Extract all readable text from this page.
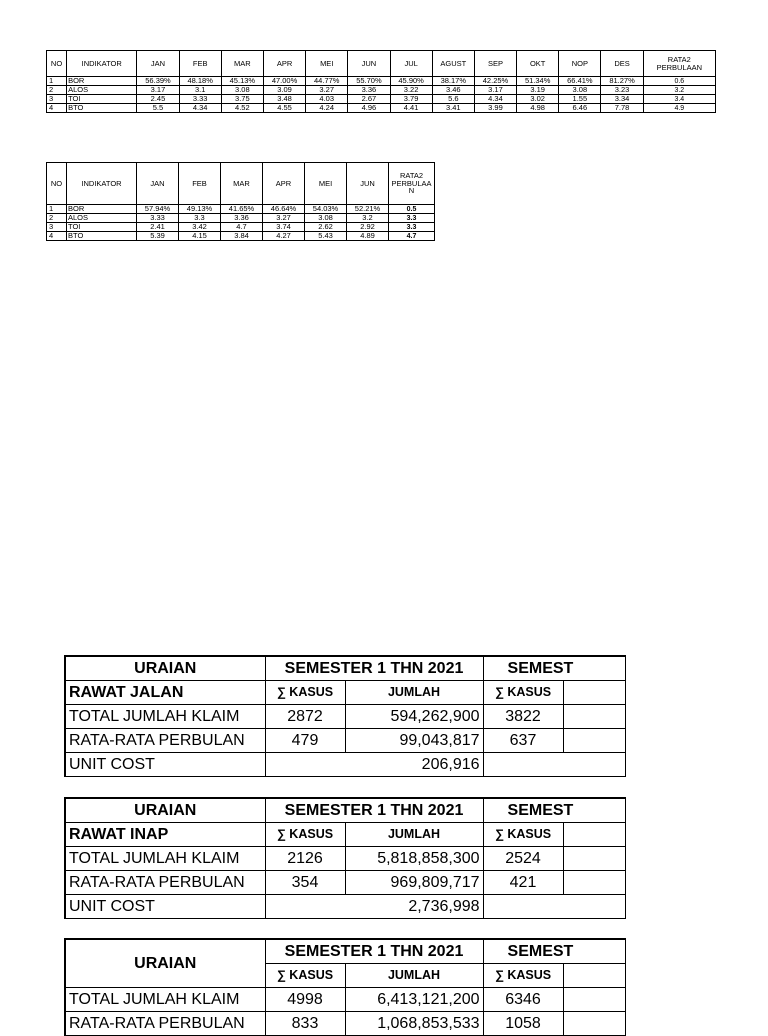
NO	INDIKATOR	JAN	FEB	MAR	APR	MEI	JUN	JUL	AGUST	SEP	OKT	NOP	DES	RATA2
PERBULAAN
1	BOR	56.39%	48.18%	45.13%	47.00%	44.77%	55.70%	45.90%	38.17%	42.25%	51.34%	66.41%	81.27%	0.6
2	ALOS	3.17	3.1	3.08	3.09	3.27	3.36	3.22	3.46	3.17	3.19	3.08	3.23	3.2
3	TOI	2.45	3.33	3.75	3.48	4.03	2.67	3.79	5.6	4.34	3.02	1.55	3.34	3.4
4	BTO	5.5	4.34	4.52	4.55	4.24	4.96	4.41	3.41	3.99	4.98	6.46	7.78	4.9
NO	INDIKATOR	JAN	FEB	MAR	APR	MEI	JUN	RATA2
PERBULAA
N
1	BOR	57.94%	49.13%	41.65%	46.64%	54.03%	52.21%	0.5
2	ALOS	3.33	3.3	3.36	3.27	3.08	3.2	3.3
3	TOI	2.41	3.42	4.7	3.74	2.62	2.92	3.3
4	BTO	5.39	4.15	3.84	4.27	5.43	4.89	4.7
URAIAN	SEMESTER 1 THN 2021		SEMEST	
RAWAT JALAN	∑ KASUS	JUMLAH	∑ KASUS	
TOTAL JUMLAH KLAIM	2872	594,262,900	3822	
RATA-RATA PERBULAN	479	99,043,817	637	
UNIT COST	206,916			
URAIAN	SEMESTER 1 THN 2021		SEMEST	
RAWAT INAP	∑ KASUS	JUMLAH	∑ KASUS	
TOTAL JUMLAH KLAIM	2126	5,818,858,300	2524	
RATA-RATA PERBULAN	354	969,809,717	421	
UNIT COST	2,736,998			
URAIAN	SEMESTER 1 THN 2021		SEMEST	
	∑ KASUS	JUMLAH	∑ KASUS	
TOTAL JUMLAH KLAIM	4998	6,413,121,200	6346	
RATA-RATA PERBULAN	833	1,068,853,533	1058	
